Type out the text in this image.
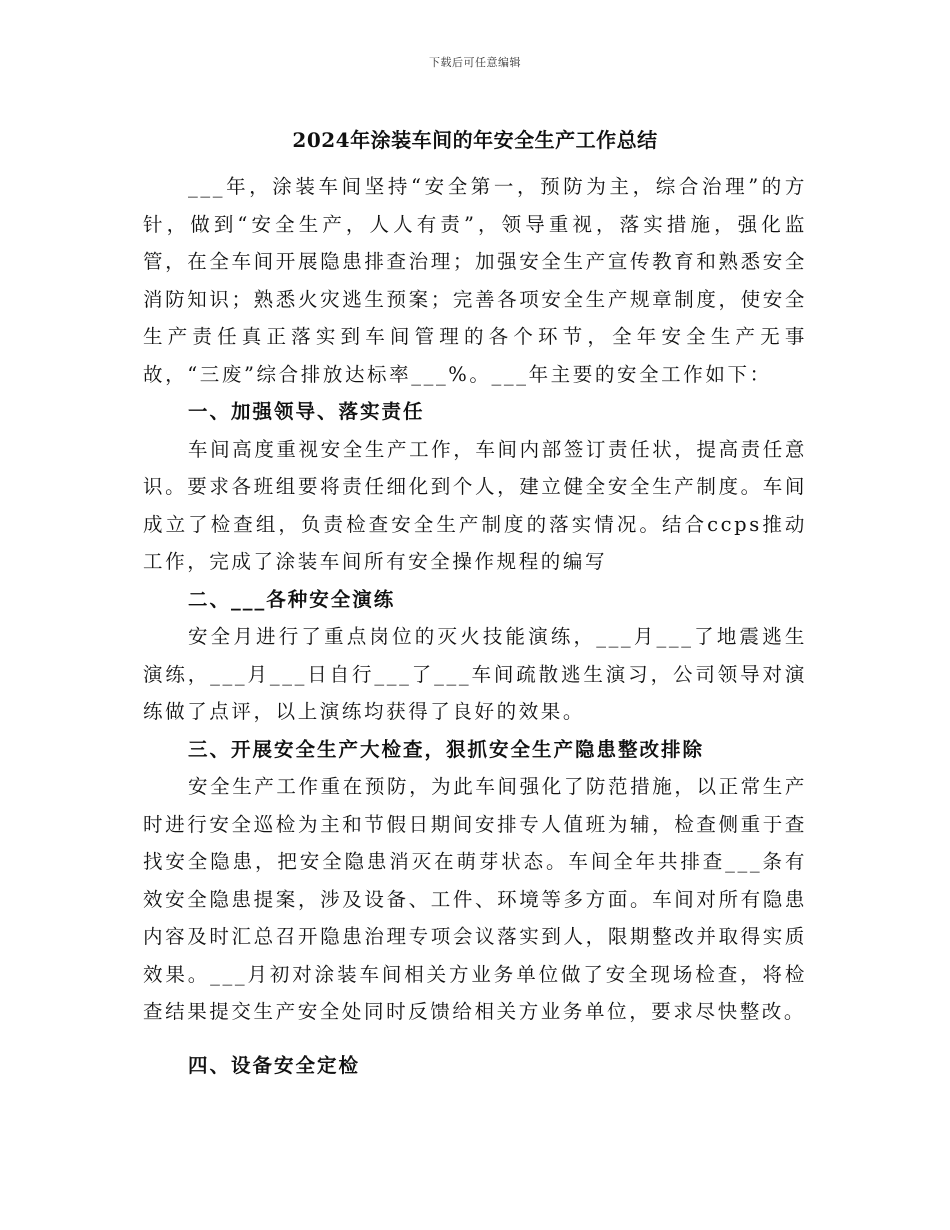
下载后可任意编辑
2024年涂装车间的年安全生产工作总结

___年，涂装车间坚持“安全第一，预防为主，综合治理”的方针，做到“安全生产，人人有责”，领导重视，落实措施，强化监管，在全车间开展隐患排查治理；加强安全生产宣传教育和熟悉安全消防知识；熟悉火灾逃生预案；完善各项安全生产规章制度，使安全生产责任真正落实到车间管理的各个环节，全年安全生产无事故，“三废”综合排放达标率___%。___年主要的安全工作如下：

一、加强领导、落实责任

车间高度重视安全生产工作，车间内部签订责任状，提高责任意识。要求各班组要将责任细化到个人，建立健全安全生产制度。车间成立了检查组，负责检查安全生产制度的落实情况。结合ccps推动工作，完成了涂装车间所有安全操作规程的编写

二、___各种安全演练

安全月进行了重点岗位的灭火技能演练，___月___了地震逃生演练，___月___日自行___了___车间疏散逃生演习，公司领导对演练做了点评，以上演练均获得了良好的效果。

三、开展安全生产大检查，狠抓安全生产隐患整改排除

安全生产工作重在预防，为此车间强化了防范措施，以正常生产时进行安全巡检为主和节假日期间安排专人值班为辅，检查侧重于查找安全隐患，把安全隐患消灭在萌芽状态。车间全年共排查___条有效安全隐患提案，涉及设备、工件、环境等多方面。车间对所有隐患内容及时汇总召开隐患治理专项会议落实到人，限期整改并取得实质效果。___月初对涂装车间相关方业务单位做了安全现场检查，将检查结果提交生产安全处同时反馈给相关方业务单位，要求尽快整改。

四、设备安全定检
